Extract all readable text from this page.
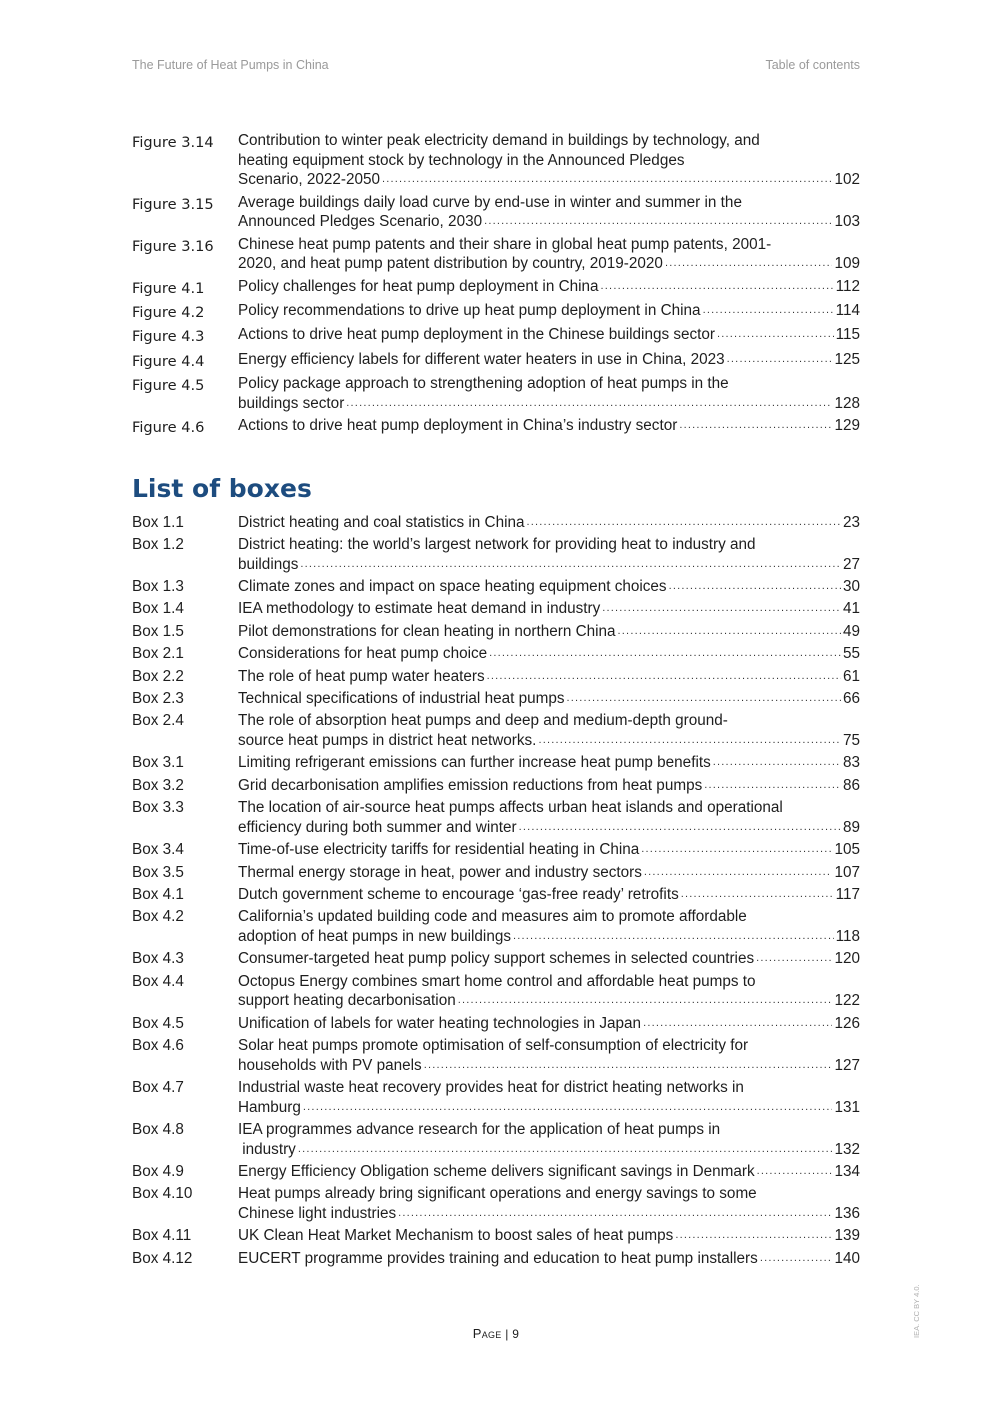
The Future of Heat Pumps in China	Table of contents
Figure 3.14	Contribution to winter peak electricity demand in buildings by technology, and
heating equipment stock by technology in the Announced Pledges
Scenario, 2022-2050 .....	102
Figure 3.15	Average buildings daily load curve by end-use in winter and summer in the
Announced Pledges Scenario, 2030 .....	103
Figure 3.16	Chinese heat pump patents and their share in global heat pump patents, 2001-
2020, and heat pump patent distribution by country, 2019-2020 .....	109
Figure 4.1	Policy challenges for heat pump deployment in China .....	112
Figure 4.2	Policy recommendations to drive up heat pump deployment in China .....	114
Figure 4.3	Actions to drive heat pump deployment in the Chinese buildings sector .....	115
Figure 4.4	Energy efficiency labels for different water heaters in use in China, 2023 .....	125
Figure 4.5	Policy package approach to strengthening adoption of heat pumps in the
buildings sector .....	128
Figure 4.6	Actions to drive heat pump deployment in China’s industry sector .....	129
List of boxes
Box 1.1	District heating and coal statistics in China .....	23
Box 1.2	District heating: the world’s largest network for providing heat to industry and
buildings .....	27
Box 1.3	Climate zones and impact on space heating equipment choices .....	30
Box 1.4	IEA methodology to estimate heat demand in industry .....	41
Box 1.5	Pilot demonstrations for clean heating in northern China .....	49
Box 2.1	Considerations for heat pump choice .....	55
Box 2.2	The role of heat pump water heaters .....	61
Box 2.3	Technical specifications of industrial heat pumps .....	66
Box 2.4	The role of absorption heat pumps and deep and medium-depth ground-
source heat pumps in district heat networks. .....	75
Box 3.1	Limiting refrigerant emissions can further increase heat pump benefits .....	83
Box 3.2	Grid decarbonisation amplifies emission reductions from heat pumps .....	86
Box 3.3	The location of air-source heat pumps affects urban heat islands and operational
efficiency during both summer and winter .....	89
Box 3.4	Time-of-use electricity tariffs for residential heating in China .....	105
Box 3.5	Thermal energy storage in heat, power and industry sectors .....	107
Box 4.1	Dutch government scheme to encourage ‘gas-free ready’ retrofits .....	117
Box 4.2	California’s updated building code and measures aim to promote affordable
adoption of heat pumps in new buildings .....	118
Box 4.3	Consumer-targeted heat pump policy support schemes in selected countries .....	120
Box 4.4	Octopus Energy combines smart home control and affordable heat pumps to
support heating decarbonisation .....	122
Box 4.5	Unification of labels for water heating technologies in Japan .....	126
Box 4.6	Solar heat pumps promote optimisation of self-consumption of electricity for
households with PV panels .....	127
Box 4.7	Industrial waste heat recovery provides heat for district heating networks in
Hamburg .....	131
Box 4.8	IEA programmes advance research for the application of heat pumps in
industry .....	132
Box 4.9	Energy Efficiency Obligation scheme delivers significant savings in Denmark .....	134
Box 4.10	Heat pumps already bring significant operations and energy savings to some
Chinese light industries .....	136
Box 4.11	UK Clean Heat Market Mechanism to boost sales of heat pumps .....	139
Box 4.12	EUCERT programme provides training and education to heat pump installers .....	140
Page | 9	IEA. CC BY 4.0.
